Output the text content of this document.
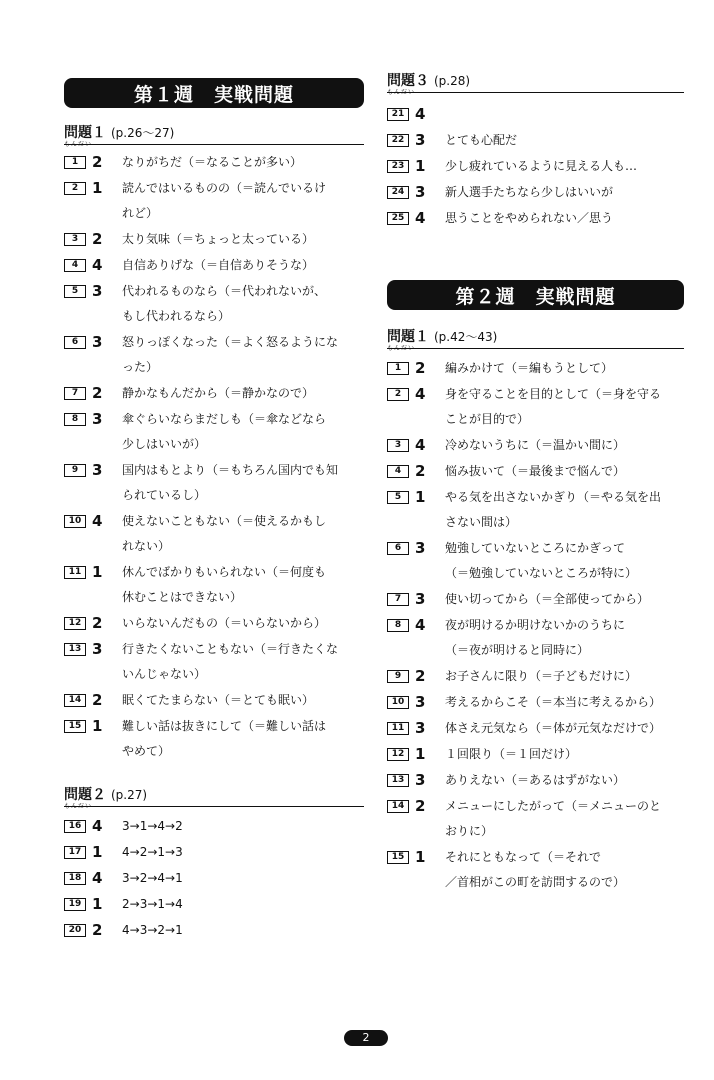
第１週　実戦問題
問題１ (p.26～27)
もんだい
1 2 なりがちだ（＝なることが多い）
2 1 読んではいるものの（＝読んでいるけ
れど）
3 2 太り気味（＝ちょっと太っている）
4 4 自信ありげな（＝自信ありそうな）
5 3 代われるものなら（＝代われないが、
もし代われるなら）
6 3 怒りっぽくなった（＝よく怒るようにな
った）
7 2 静かなもんだから（＝静かなので）
8 3 傘ぐらいならまだしも（＝傘などなら
少しはいいが）
9 3 国内はもとより（＝もちろん国内でも知
られているし）
10 4 使えないこともない（＝使えるかもし
れない）
11 1 休んでばかりもいられない（＝何度も
休むことはできない）
12 2 いらないんだもの（＝いらないから）
13 3 行きたくないこともない（＝行きたくな
いんじゃない）
14 2 眠くてたまらない（＝とても眠い）
15 1 難しい話は抜きにして（＝難しい話は
やめて）
問題２ (p.27)
もんだい
16 4 3→1→4→2
17 1 4→2→1→3
18 4 3→2→4→1
19 1 2→3→1→4
20 2 4→3→2→1
問題３ (p.28)
もんだい
21 4
22 3 とても心配だ
23 1 少し疲れているように見える人も…
24 3 新人選手たちなら少しはいいが
25 4 思うことをやめられない／思う
第２週　実戦問題
問題１ (p.42～43)
もんだい
1 2 編みかけて（＝編もうとして）
2 4 身を守ることを目的として（＝身を守る
ことが目的で）
3 4 冷めないうちに（＝温かい間に）
4 2 悩み抜いて（＝最後まで悩んで）
5 1 やる気を出さないかぎり（＝やる気を出
さない間は）
6 3 勉強していないところにかぎって
（＝勉強していないところが特に）
7 3 使い切ってから（＝全部使ってから）
8 4 夜が明けるか明けないかのうちに
（＝夜が明けると同時に）
9 2 お子さんに限り（＝子どもだけに）
10 3 考えるからこそ（＝本当に考えるから）
11 3 体さえ元気なら（＝体が元気なだけで）
12 1 １回限り（＝１回だけ）
13 3 ありえない（＝あるはずがない）
14 2 メニューにしたがって（＝メニューのと
おりに）
15 1 それにともなって（＝それで
／首相がこの町を訪問するので）
2
